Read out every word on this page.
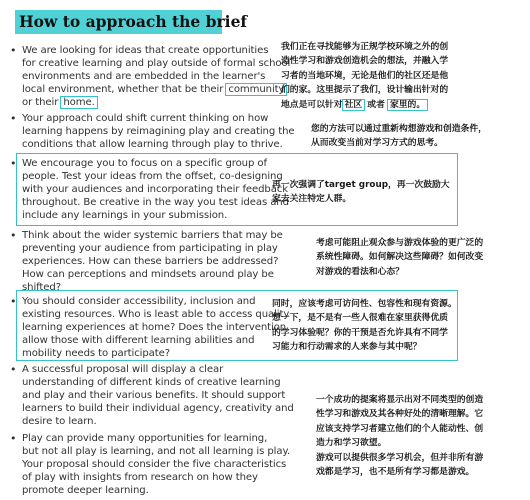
How to approach the brief
• We are looking for ideas that create opportunities
for creative learning and play outside of formal school
environments and are embedded in the learner's
local environment, whether that be their community
or their home.
• Your approach could shift current thinking on how
learning happens by reimagining play and creating the
conditions that allow learning through play to thrive.
• We encourage you to focus on a specific group of
people. Test your ideas from the offset, co-designing
with your audiences and incorporating their feedback
throughout. Be creative in the way you test ideas and
include any learnings in your submission.
• Think about the wider systemic barriers that may be
preventing your audience from participating in play
experiences. How can these barriers be addressed?
How can perceptions and mindsets around play be
shifted?
• You should consider accessibility, inclusion and
existing resources. Who is least able to access quality
learning experiences at home? Does the intervention
allow those with different learning abilities and
mobility needs to participate?
• A successful proposal will display a clear
understanding of different kinds of creative learning
and play and their various benefits. It should support
learners to build their individual agency, creativity and
desire to learn.
• Play can provide many opportunities for learning,
but not all play is learning, and not all learning is play.
Your proposal should consider the five characteristics
of play with insights from research on how they
promote deeper learning.
我们正在寻找能够为正规学校环境之外的创
造性学习和游戏创造机会的想法，并融入学
习者的当地环境，无论是他们的社区还是他
们的家。这里提示了我们，设计输出针对的
地点是可以针对 社区 或者 家里的。
您的方法可以通过重新构想游戏和创造条件，
从而改变当前对学习方式的思考。
再一次强调了target group，再一次鼓励大
家去关注特定人群。
考虑可能阻止观众参与游戏体验的更广泛的
系统性障碍。如何解决这些障碍？如何改变
对游戏的看法和心态？
同时，应该考虑可访问性、包容性和现有资源。
想一下，是不是有一些人很难在家里获得优质
的学习体验呢？你的干预是否允许具有不同学
习能力和行动需求的人来参与其中呢？
一个成功的提案将显示出对不同类型的创造
性学习和游戏及其各种好处的清晰理解。它
应该支持学习者建立他们的个人能动性、创
造力和学习欲望。
游戏可以提供很多学习机会，但并非所有游
戏都是学习，也不是所有学习都是游戏。
